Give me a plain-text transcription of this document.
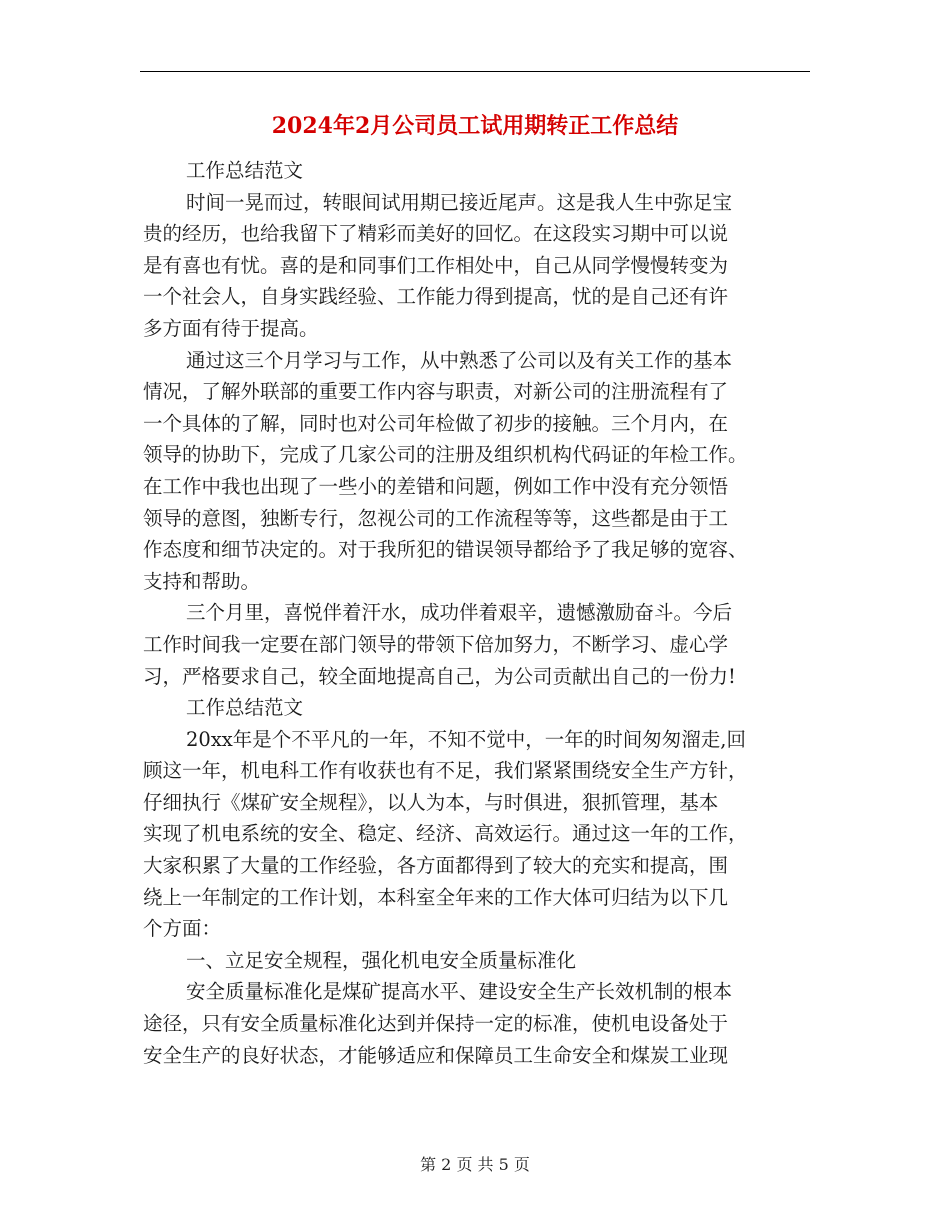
2024年2月公司员工试用期转正工作总结
工作总结范文
时间一晃而过，转眼间试用期已接近尾声。这是我人生中弥足宝
贵的经历，也给我留下了精彩而美好的回忆。在这段实习期中可以说
是有喜也有忧。喜的是和同事们工作相处中，自己从同学慢慢转变为
一个社会人，自身实践经验、工作能力得到提高，忧的是自己还有许
多方面有待于提高。
通过这三个月学习与工作，从中熟悉了公司以及有关工作的基本
情况，了解外联部的重要工作内容与职责，对新公司的注册流程有了
一个具体的了解，同时也对公司年检做了初步的接触。三个月内，在
领导的协助下，完成了几家公司的注册及组织机构代码证的年检工作。
在工作中我也出现了一些小的差错和问题，例如工作中没有充分领悟
领导的意图，独断专行，忽视公司的工作流程等等，这些都是由于工
作态度和细节决定的。对于我所犯的错误领导都给予了我足够的宽容、
支持和帮助。
三个月里，喜悦伴着汗水，成功伴着艰辛，遗憾激励奋斗。今后
工作时间我一定要在部门领导的带领下倍加努力，不断学习、虚心学
习，严格要求自己，较全面地提高自己，为公司贡献出自己的一份力!
工作总结范文
20xx年是个不平凡的一年，不知不觉中，一年的时间匆匆溜走,回
顾这一年，机电科工作有收获也有不足，我们紧紧围绕安全生产方针，
仔细执行《煤矿安全规程》，以人为本，与时俱进，狠抓管理，基本
实现了机电系统的安全、稳定、经济、高效运行。通过这一年的工作，
大家积累了大量的工作经验，各方面都得到了较大的充实和提高，围
绕上一年制定的工作计划，本科室全年来的工作大体可归结为以下几
个方面：
一、立足安全规程，强化机电安全质量标准化
安全质量标准化是煤矿提高水平、建设安全生产长效机制的根本
途径，只有安全质量标准化达到并保持一定的标准，使机电设备处于
安全生产的良好状态，才能够适应和保障员工生命安全和煤炭工业现
第 2 页 共 5 页
